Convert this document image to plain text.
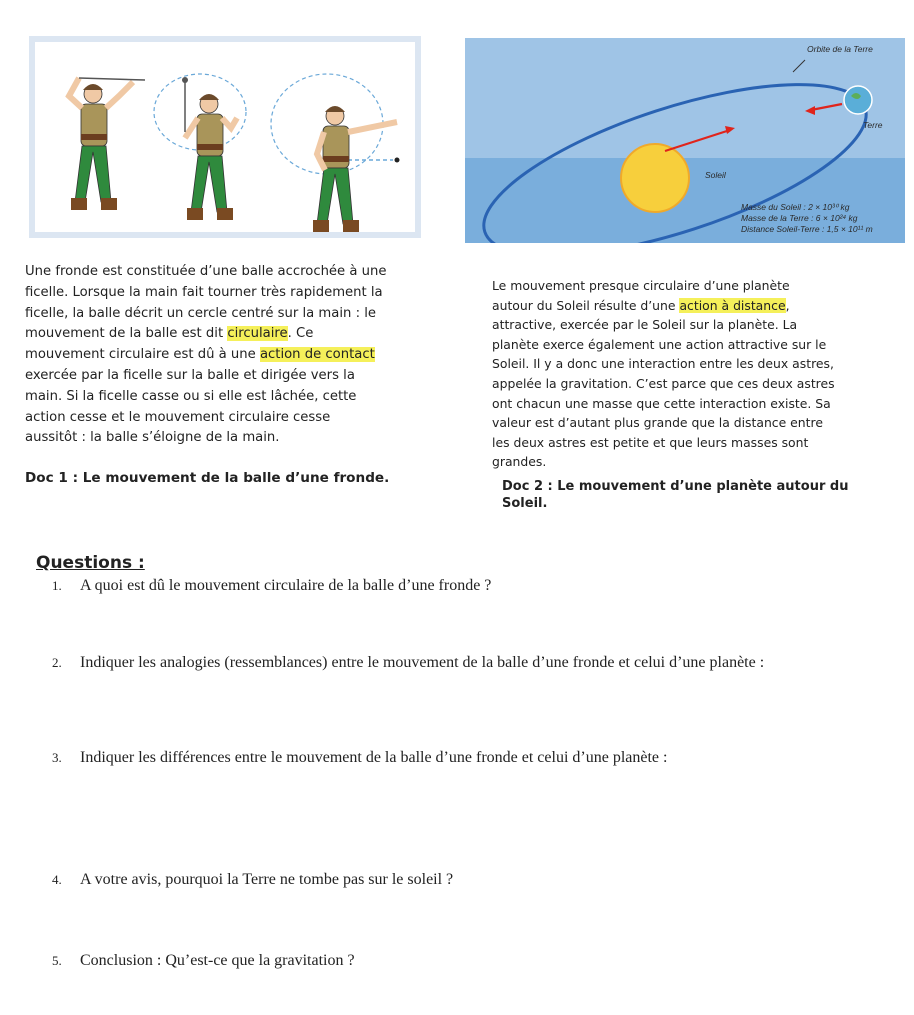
Orbite de la Terre
Terre
Soleil
Masse du Soleil : 2 × 10³⁰ kg
Masse de la Terre : 6 × 10²⁴ kg
Distance Soleil-Terre : 1,5 × 10¹¹ m
Une fronde est constituée d’une balle accrochée à une
ficelle. Lorsque la main fait tourner très rapidement la
ficelle, la balle décrit un cercle centré sur la main : le
mouvement de la balle est dit circulaire. Ce
mouvement circulaire est dû à une action de contact
exercée par la ficelle sur la balle et dirigée vers la
main. Si la ficelle casse ou si elle est lâchée, cette
action cesse et le mouvement circulaire cesse
aussitôt : la balle s’éloigne de la main.
Doc 1 : Le mouvement de la balle d’une fronde.
Le mouvement presque circulaire d’une planète
autour du Soleil résulte d’une action à distance,
attractive, exercée par le Soleil sur la planète. La
planète exerce également une action attractive sur le
Soleil. Il y a donc une interaction entre les deux astres,
appelée la gravitation. C’est parce que ces deux astres
ont chacun une masse que cette interaction existe. Sa
valeur est d’autant plus grande que la distance entre
les deux astres est petite et que leurs masses sont
grandes.
Doc 2 : Le mouvement d’une planète autour du
Soleil.
Questions :
1. A quoi est dû le mouvement circulaire de la balle d’une fronde ?
2. Indiquer les analogies (ressemblances) entre le mouvement de la balle d’une fronde et celui d’une planète :
3. Indiquer les différences entre le mouvement de la balle d’une fronde et celui d’une planète :
4. A votre avis, pourquoi la Terre ne tombe pas sur le soleil ?
5. Conclusion : Qu’est-ce que la gravitation ?
